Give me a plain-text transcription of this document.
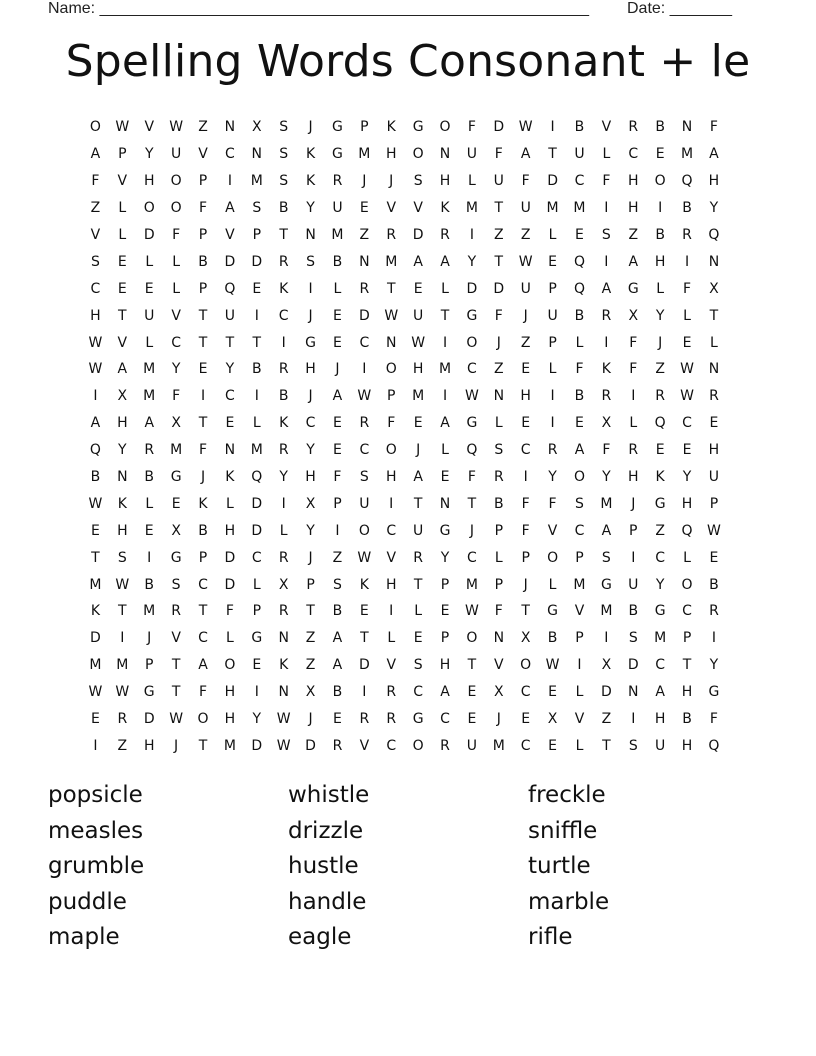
Name: _______________________________________________________ Date: _______
Spelling Words Consonant + le
O	W	V	W	Z	N	X	S	J	G	P	K	G	O	F	D	W	I	B	V	R	B	N	F
A	P	Y	U	V	C	N	S	K	G	M	H	O	N	U	F	A	T	U	L	C	E	M	A
F	V	H	O	P	I	M	S	K	R	J	J	S	H	L	U	F	D	C	F	H	O	Q	H
Z	L	O	O	F	A	S	B	Y	U	E	V	V	K	M	T	U	M	M	I	H	I	B	Y
V	L	D	F	P	V	P	T	N	M	Z	R	D	R	I	Z	Z	L	E	S	Z	B	R	Q
S	E	L	L	B	D	D	R	S	B	N	M	A	A	Y	T	W	E	Q	I	A	H	I	N
C	E	E	L	P	Q	E	K	I	L	R	T	E	L	D	D	U	P	Q	A	G	L	F	X
H	T	U	V	T	U	I	C	J	E	D	W	U	T	G	F	J	U	B	R	X	Y	L	T
W	V	L	C	T	T	T	I	G	E	C	N	W	I	O	J	Z	P	L	I	F	J	E	L
W	A	M	Y	E	Y	B	R	H	J	I	O	H	M	C	Z	E	L	F	K	F	Z	W	N
I	X	M	F	I	C	I	B	J	A	W	P	M	I	W	N	H	I	B	R	I	R	W	R
A	H	A	X	T	E	L	K	C	E	R	F	E	A	G	L	E	I	E	X	L	Q	C	E
Q	Y	R	M	F	N	M	R	Y	E	C	O	J	L	Q	S	C	R	A	F	R	E	E	H
B	N	B	G	J	K	Q	Y	H	F	S	H	A	E	F	R	I	Y	O	Y	H	K	Y	U
W	K	L	E	K	L	D	I	X	P	U	I	T	N	T	B	F	F	S	M	J	G	H	P
E	H	E	X	B	H	D	L	Y	I	O	C	U	G	J	P	F	V	C	A	P	Z	Q	W
T	S	I	G	P	D	C	R	J	Z	W	V	R	Y	C	L	P	O	P	S	I	C	L	E
M W	B	S	C	D	L	X	P	S	K	H	T	P	M	P	J	L	M	G	U	Y	O	B
K	T	M	R	T	F	P	R	T	B	E	I	L	E	W	F	T	G	V	M	B	G	C	R
D	I	J	V	C	L	G	N	Z	A	T	L	E	P	O	N	X	B	P	I	S	M	P	I
M	M	P	T	A	O	E	K	Z	A	D	V	S	H	T	V	O	W	I	X	D	C	T	Y
W W	G	T	F	H	I	N	X	B	I	R	C	A	E	X	C	E	L	D	N	A	H	G
E	R	D	W	O	H	Y	W	J	E	R	R	G	C	E	J	E	X	V	Z	I	H	B	F
I	Z	H	J	T	M	D	W	D	R	V	C	O	R	U	M	C	E	L	T	S	U	H	Q
popsicle	whistle	freckle
measles	drizzle	sniffle
grumble	hustle	turtle
puddle	handle	marble
maple	eagle	rifle
